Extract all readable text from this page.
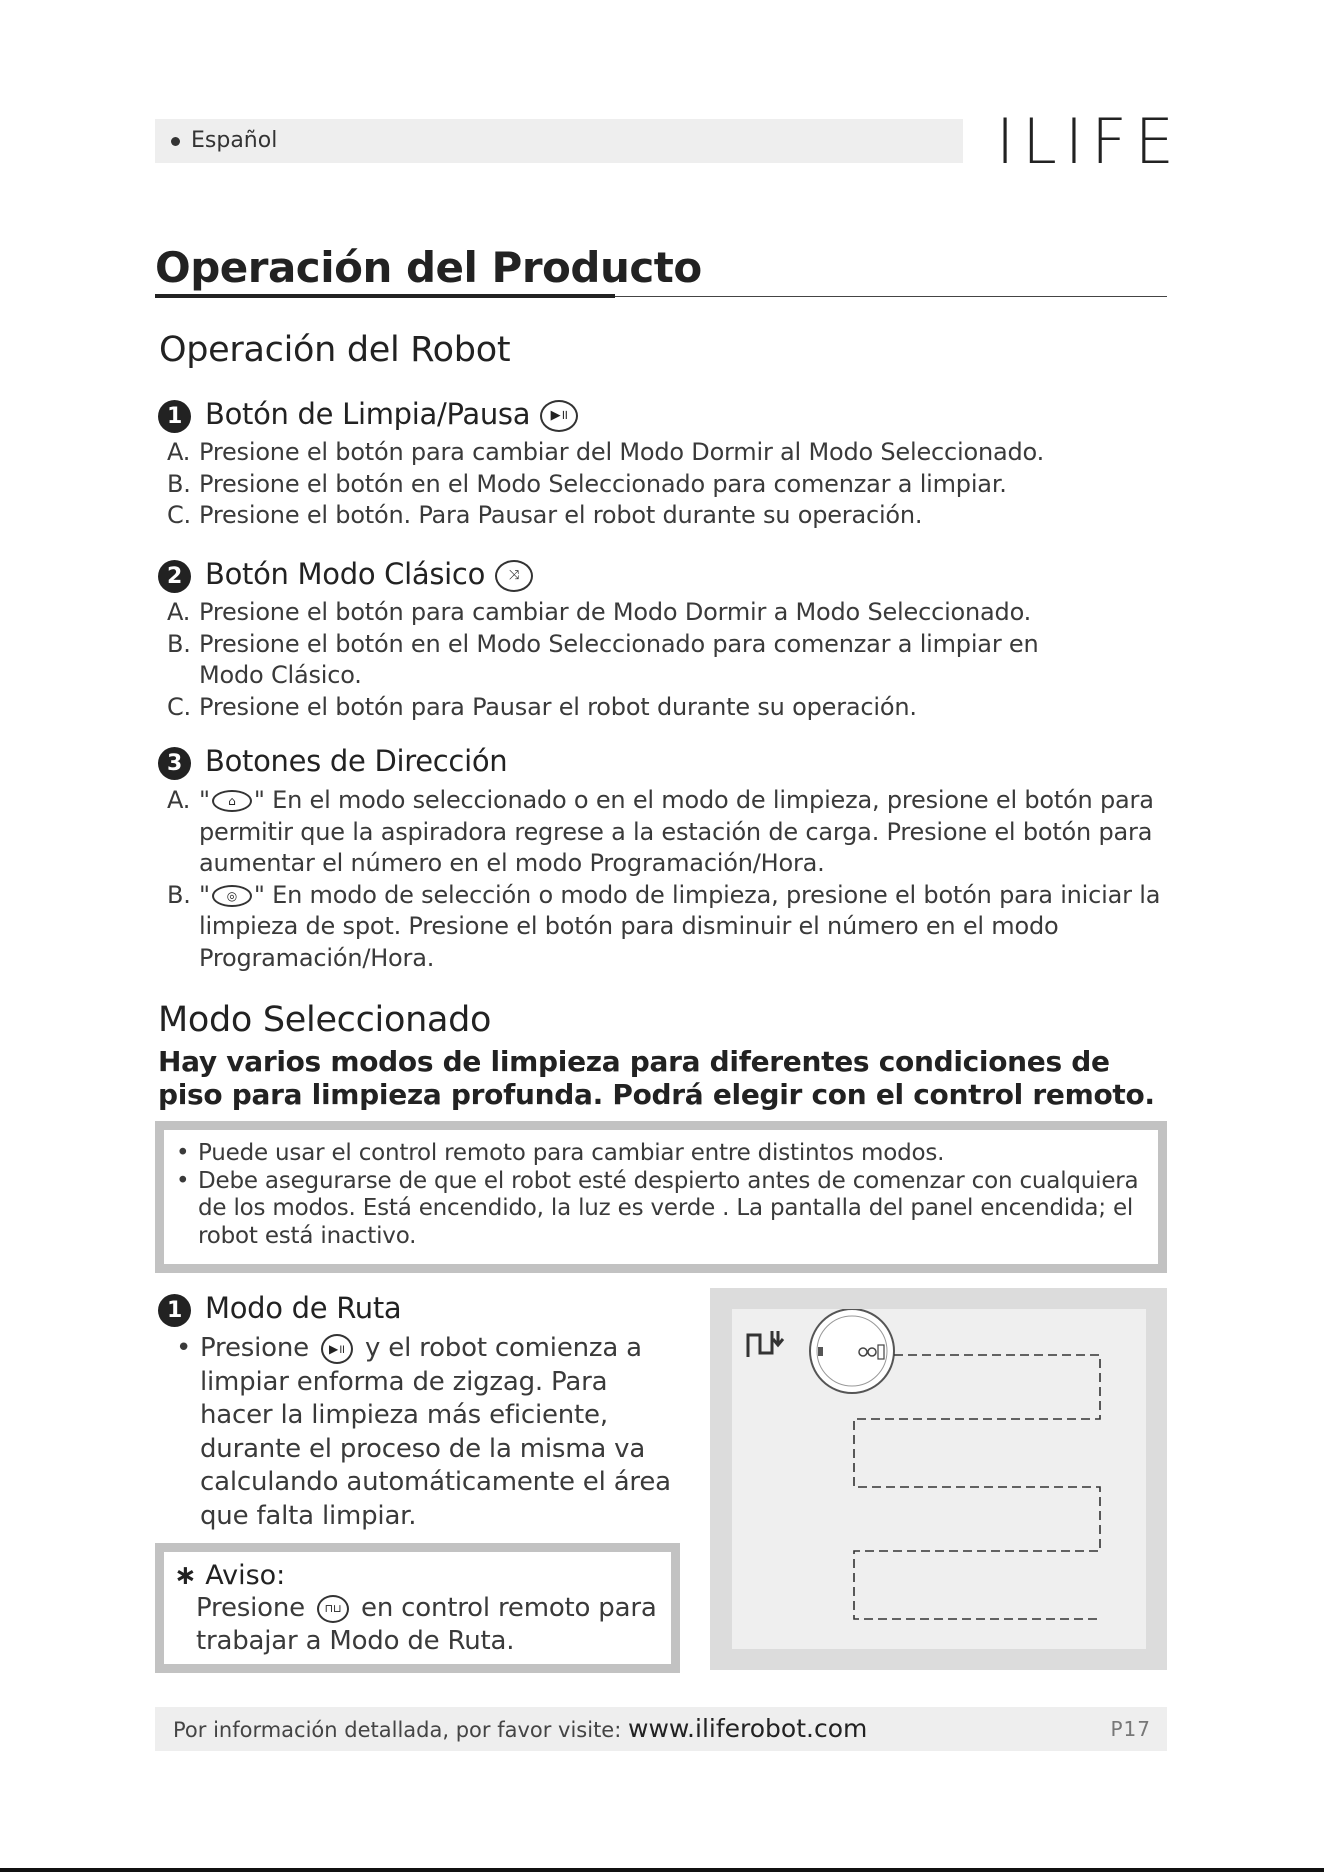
Español	ILIFE
Operación del Producto
Operación del Robot
1 Botón de Limpia/Pausa ▶॥
A. Presione el botón para cambiar del Modo Dormir al Modo Seleccionado.
B. Presione el botón en el Modo Seleccionado para comenzar a limpiar.
C. Presione el botón. Para Pausar el robot durante su operación.
2 Botón Modo Clásico ⤨
A. Presione el botón para cambiar de Modo Dormir a Modo Seleccionado.
B. Presione el botón en el Modo Seleccionado para comenzar a limpiar en Modo Clásico.
C. Presione el botón para Pausar el robot durante su operación.
3 Botones de Dirección
A. " ⌂ " En el modo seleccionado o en el modo de limpieza, presione el botón para permitir que la aspiradora regrese a la estación de carga. Presione el botón para aumentar el número en el modo Programación/Hora.
B. " ◎ " En modo de selección o modo de limpieza, presione el botón para iniciar la limpieza de spot. Presione el botón para disminuir el número en el modo Programación/Hora.
Modo Seleccionado
Hay varios modos de limpieza para diferentes condiciones de piso para limpieza profunda. Podrá elegir con el control remoto.
• Puede usar el control remoto para cambiar entre distintos modos.
• Debe asegurarse de que el robot esté despierto antes de comenzar con cualquiera de los modos. Está encendido, la luz es verde . La pantalla del panel encendida; el robot está inactivo.
1 Modo de Ruta
• Presione ▶॥ y el robot comienza a limpiar enforma de zigzag. Para hacer la limpieza más eficiente, durante el proceso de la misma va calculando automáticamente el área que falta limpiar.
∗ Aviso:
Presione ⊓⊔ en control remoto para trabajar a Modo de Ruta.
Por información detallada, por favor visite: www.iliferobot.com	P17
